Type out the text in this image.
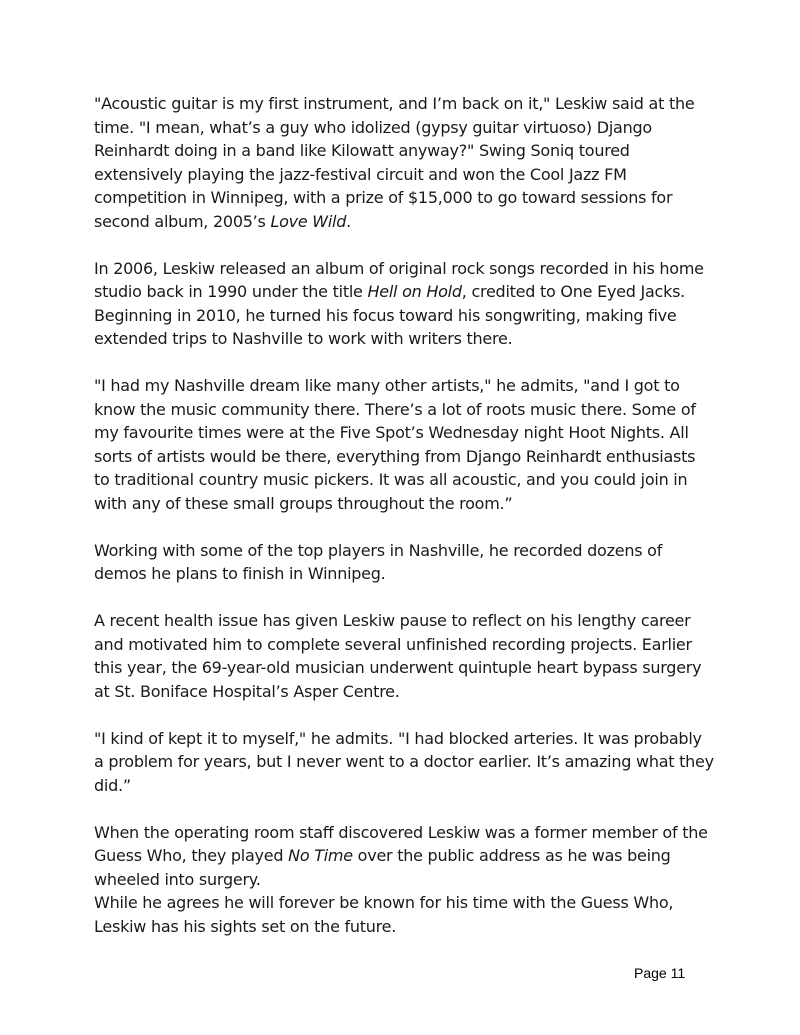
"Acoustic guitar is my first instrument, and I’m back on it," Leskiw said at the time. "I mean, what’s a guy who idolized (gypsy guitar virtuoso) Django Reinhardt doing in a band like Kilowatt anyway?" Swing Soniq toured extensively playing the jazz-festival circuit and won the Cool Jazz FM competition in Winnipeg, with a prize of $15,000 to go toward sessions for second album, 2005’s Love Wild.

In 2006, Leskiw released an album of original rock songs recorded in his home studio back in 1990 under the title Hell on Hold, credited to One Eyed Jacks. Beginning in 2010, he turned his focus toward his songwriting, making five extended trips to Nashville to work with writers there.

"I had my Nashville dream like many other artists," he admits, "and I got to know the music community there. There’s a lot of roots music there. Some of my favourite times were at the Five Spot’s Wednesday night Hoot Nights. All sorts of artists would be there, everything from Django Reinhardt enthusiasts to traditional country music pickers. It was all acoustic, and you could join in with any of these small groups throughout the room.”

Working with some of the top players in Nashville, he recorded dozens of demos he plans to finish in Winnipeg.

A recent health issue has given Leskiw pause to reflect on his lengthy career and motivated him to complete several unfinished recording projects. Earlier this year, the 69-year-old musician underwent quintuple heart bypass surgery at St. Boniface Hospital’s Asper Centre.

"I kind of kept it to myself," he admits. "I had blocked arteries. It was probably a problem for years, but I never went to a doctor earlier. It’s amazing what they did.”

When the operating room staff discovered Leskiw was a former member of the Guess Who, they played No Time over the public address as he was being wheeled into surgery.

While he agrees he will forever be known for his time with the Guess Who, Leskiw has his sights set on the future.

Page 11
